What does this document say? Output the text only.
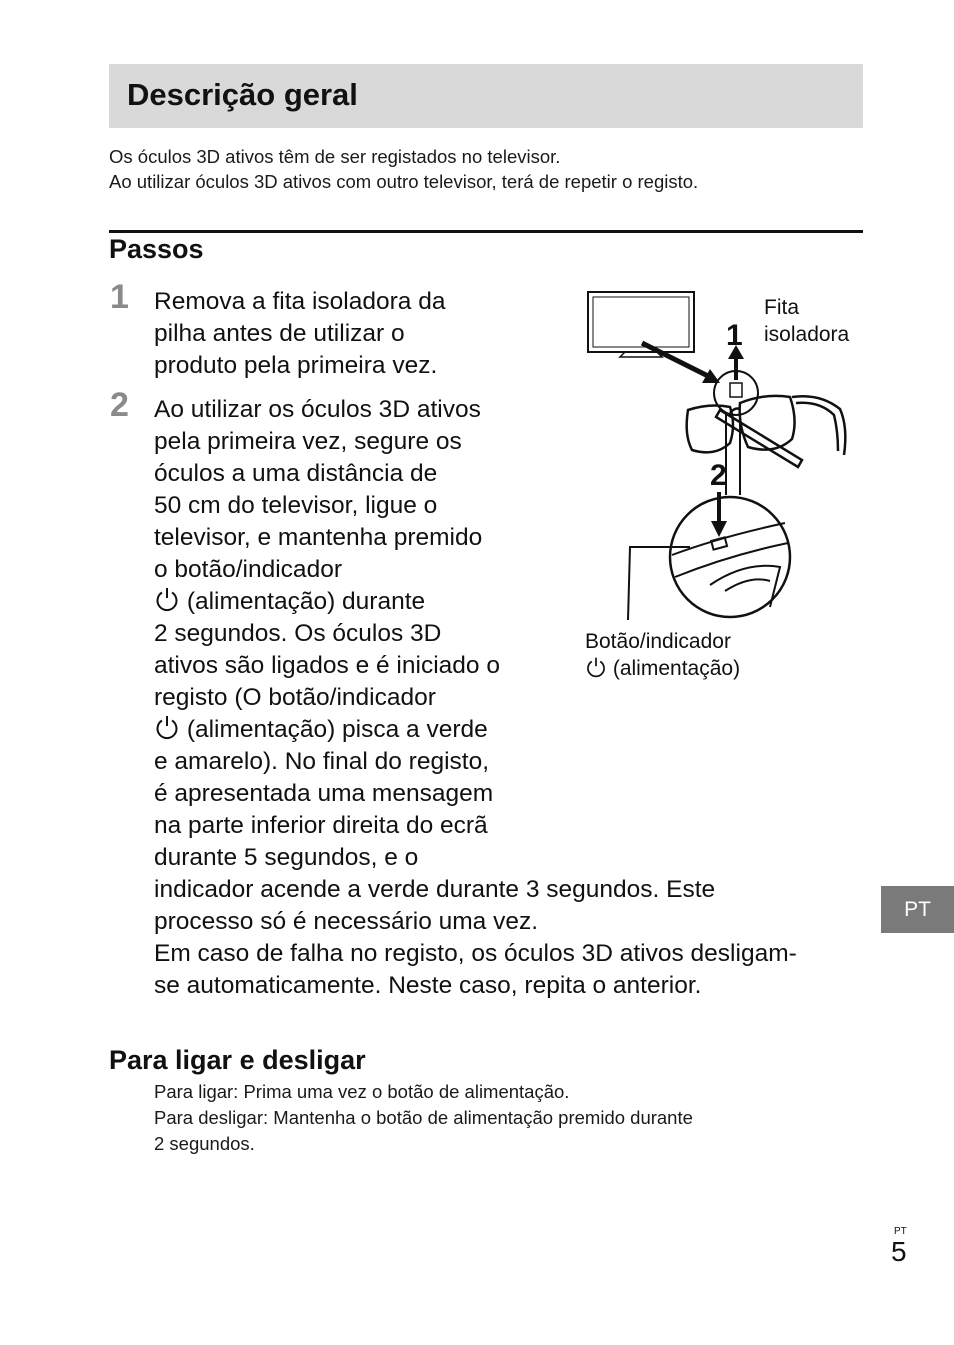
Descrição geral

Os óculos 3D ativos têm de ser registados no televisor.

Ao utilizar óculos 3D ativos com outro televisor, terá de repetir o registo.

Passos
1 Remova a fita isoladora da

pilha antes de utilizar o

produto pela primeira vez.

2 Ao utilizar os óculos 3D ativos

pela primeira vez, segure os

óculos a uma distância de

50 cm do televisor, ligue o

televisor, e mantenha premido

o botão/indicador

(alimentação) durante

2 segundos. Os óculos 3D

ativos são ligados e é iniciado o

registo (O botão/indicador

(alimentação) pisca a verde

e amarelo). No final do registo,

é apresentada uma mensagem

na parte inferior direita do ecrã

durante 5 segundos, e o

indicador acende a verde durante 3 segundos. Este

processo só é necessário uma vez.

Em caso de falha no registo, os óculos 3D ativos desligam-

se automaticamente. Neste caso, repita o anterior.

1
2
Fita
isoladora
Botão/indicador
(alimentação)
Para ligar e desligar

Para ligar: Prima uma vez o botão de alimentação.

Para desligar: Mantenha o botão de alimentação premido durante

2 segundos.

PT
PT
5
